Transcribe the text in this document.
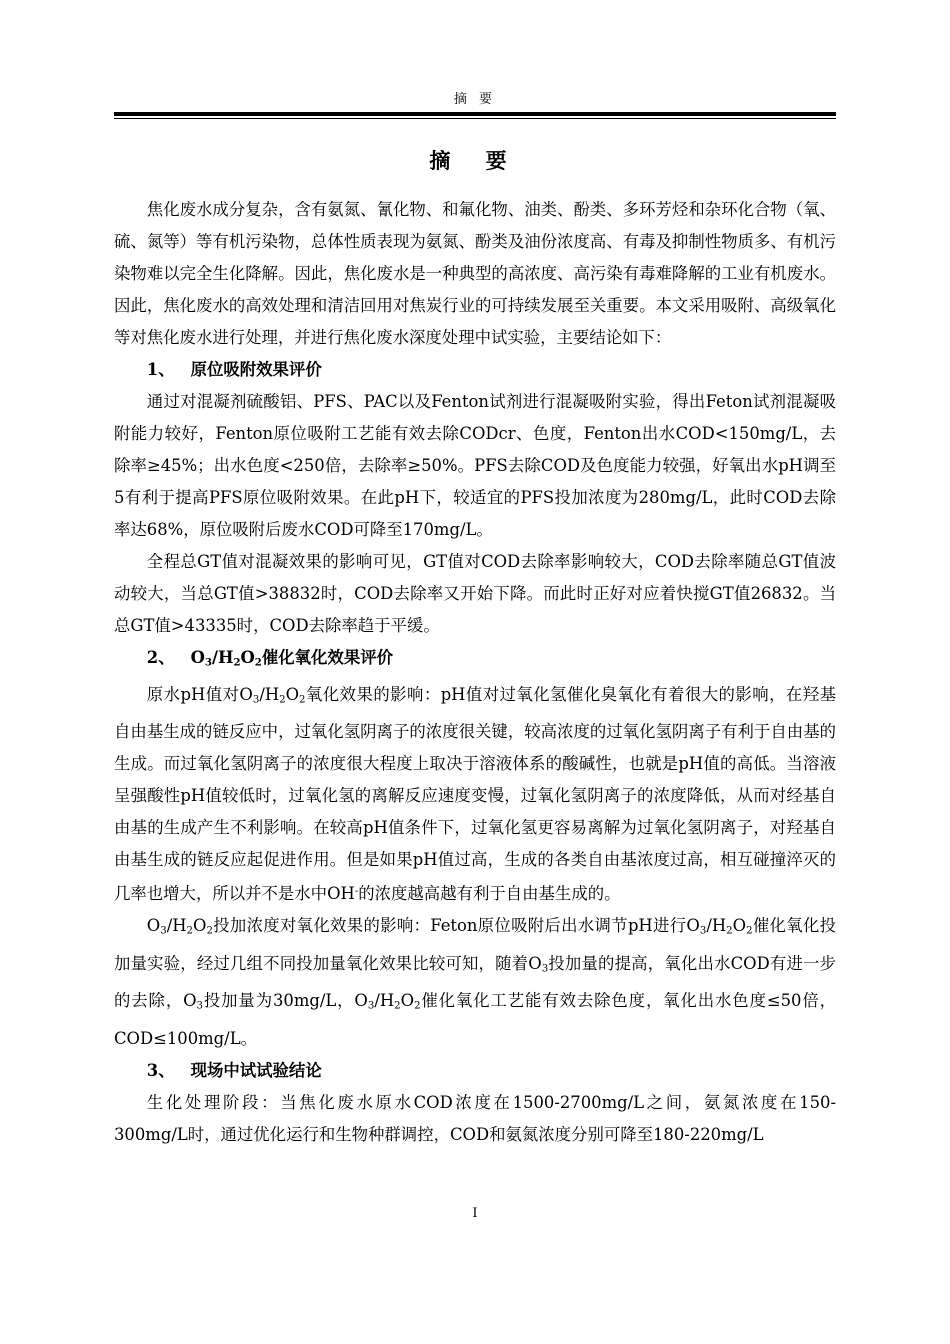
摘 要
摘 要

焦化废水成分复杂，含有氨氮、氰化物、和氟化物、油类、酚类、多环芳烃和杂环化合物（氧、硫、氮等）等有机污染物，总体性质表现为氨氮、酚类及油份浓度高、有毒及抑制性物质多、有机污染物难以完全生化降解。因此，焦化废水是一种典型的高浓度、高污染有毒难降解的工业有机废水。因此，焦化废水的高效处理和清洁回用对焦炭行业的可持续发展至关重要。本文采用吸附、高级氧化等对焦化废水进行处理，并进行焦化废水深度处理中试实验，主要结论如下：

1、 原位吸附效果评价

通过对混凝剂硫酸铝、PFS、PAC以及Fenton试剂进行混凝吸附实验，得出Feton试剂混凝吸附能力较好，Fenton原位吸附工艺能有效去除CODcr、色度，Fenton出水COD<150mg/L，去除率≥45%；出水色度<250倍，去除率≥50%。PFS去除COD及色度能力较强，好氧出水pH调至5有利于提高PFS原位吸附效果。在此pH下，较适宜的PFS投加浓度为280mg/L，此时COD去除率达68%，原位吸附后废水COD可降至170mg/L。

全程总GT值对混凝效果的影响可见，GT值对COD去除率影响较大，COD去除率随总GT值波动较大，当总GT值>38832时，COD去除率又开始下降。而此时正好对应着快搅GT值26832。当总GT值>43335时，COD去除率趋于平缓。

2、 $O_3/H_2O_2$催化氧化效果评价

原水pH值对$O_3/H_2O_2$氧化效果的影响：pH值对过氧化氢催化臭氧化有着很大的影响，在羟基自由基生成的链反应中，过氧化氢阴离子的浓度很关键，较高浓度的过氧化氢阴离子有利于自由基的生成。而过氧化氢阴离子的浓度很大程度上取决于溶液体系的酸碱性，也就是pH值的高低。当溶液呈强酸性pH值较低时，过氧化氢的离解反应速度变慢，过氧化氢阴离子的浓度降低，从而对经基自由基的生成产生不利影响。在较高pH值条件下，过氧化氢更容易离解为过氧化氢阴离子，对羟基自由基生成的链反应起促进作用。但是如果pH值过高，生成的各类自由基浓度过高，相互碰撞淬灭的几率也增大，所以并不是水中OH-的浓度越高越有利于自由基生成的。

$O_3/H_2O_2$投加浓度对氧化效果的影响：Feton原位吸附后出水调节pH进行$O_3/H_2O_2$催化氧化投加量实验，经过几组不同投加量氧化效果比较可知，随着$O_3$投加量的提高，氧化出水COD有进一步的去除，$O_3$投加量为30mg/L，$O_3/H_2O_2$催化氧化工艺能有效去除色度，氧化出水色度≤50倍，COD≤100mg/L。

3、 现场中试试验结论

生化处理阶段：当焦化废水原水COD浓度在1500-2700mg/L之间，氨氮浓度在150-300mg/L时，通过优化运行和生物种群调控，COD和氨氮浓度分别可降至180-220mg/L

I
